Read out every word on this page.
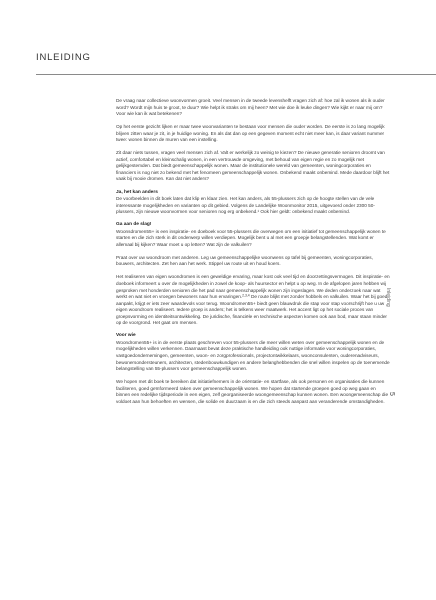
INLEIDING

De vraag naar collectieve woonvormen groeit. Veel mensen in de tweede levenshelft vragen zich af: hoe zal ik wonen als ik ouder word? Wordt mijn huis te groot, te duur? Wie helpt ik straks om mij heen? Met wie doe ik leuke dingen? Wie kijkt er naar mij om? Voor wie kan ik wat betekenen?

Op het eerste gezicht lijken er maar twee woonvarianten te bestaan voor mensen die ouder worden. De eerste is zo lang mogelijk blijven zitten waar je zit, in je huidige woning. En als dat dan op een gegeven moment echt niet meer kan, is daar variant nummer twee: wonen binnen de muren van een instelling.

Zit daar niets tussen, vragen veel mensen zich af. Valt er werkelijk zo weinig te kiezen? De nieuwe generatie senioren droomt van actief, comfortabel en kleinschalig wonen, in een vertrouwde omgeving, met behoud van eigen regie en zo mogelijk met gelijkgestemden. Dat biedt gemeenschappelijk wonen. Maar de institutionele wereld van gemeenten, woningcorporaties en financiers is nog niet zo bekend met het fenomeen gemeenschappelijk wonen. Onbekend maakt onbemind. Mede daardoor blijft het vaak bij mooie dromen. Kan dat niet anders?

Ja, het kan anders

De voorbeelden in dit boek laten dat klip en klaar zien. Het kan anders, als 55-plussers zich op de hoogte stellen van de vele interessante mogelijkheden en varianten op dit gebied. Volgens de Landelijke Woonmonitor 2015, uitgevoerd onder 2300 50-plussers, zijn nieuwe woonvormen voor senioren nog erg onbekend.¹ Ook hier geldt: onbekend maakt onbemind.

Ga aan de slag!

Woonsdromen55+ is een inspiratie- en doeboek voor 55-plussers die overwegen om een initiatief tot gemeenschappelijk wonen te starten en die zich sterk in dit onderwerp willen verdiepen. Mogelijk bent u al met een groepje belangstellenden. Wat komt er allemaal bij kijken? Waar moet u op letten? Wat zijn de valkuilen?

Praat over uw woondroom met anderen. Leg uw gemeenschappelijke woonwens op tafel bij gemeenten, woningcorporaties, bouwers, architecten. Zet hen aan het werk. Stippel uw route uit en houd koers.

Het realiseren van eigen woondromen is een geweldige ervaring, maar kost ook veel tijd en doorzettingsvermogen. Dit inspiratie- en doeboek informeert u over de mogelijkheden in zowel de koop- als huursector en helpt u op weg. In de afgelopen jaren hebben wij gesproken met honderden senioren die het pad naar gemeenschappelijk wonen zijn ingeslagen. We deden onderzoek naar wat werkt en wat niet en vroegen bewoners naar hun ervaringen.$^{2,3,4}$ De route blijkt met zonder hobbels en valkuilen. Waar het bij goed aanpakt, krijgt er iets zeer waardevols voor terug. Woondromen55+ biedt geen blauwdruk die stap voor stap voorschrijft hoe u uw eigen woondroom realiseert. Iedere groep is anders; het is telkens weer maatwerk. Het accent ligt op het sociale proces van groepsvorming en identiteitsontwikkeling. De juridische, financiële en technische aspecten komen ook aan bod, maar staan minder op de voorgrond. Het gaat om mensen.

Voor wie

Woondromen55+ is in de eerste plaats geschreven voor 55-plussers die meer willen weten over gemeenschappelijk wonen en de mogelijkheden willen verkennen. Daarnaast bevat deze praktische handleiding ook nuttige informatie voor woningcorporaties, vastgoedondernemingen, gemeenten, woon- en zorgprofessionals, projectontwikkelaars, woonconsulenten, ouderenadviseurs, bewonersondersteuners, architecten, stedenbouwkundigen en andere belanghebbenden die snel willen inspelen op de toenemende belangstelling van 55-plussers voor gemeenschappelijk wonen.

We hopen met dit boek te bereiken dat initiatiefnemers in de oriëntatie- en startfase, als ook personen en organisaties die kunnen faciliteren, goed geïnformeerd raken over gemeenschappelijk wonen. We hopen dat startende groepen goed op weg gaan en binnen een redelijke tijdsperiode in een eigen, zelf georganiseerde woongemeenschap kunnen wonen. Een woongemeenschap die voldoet aan hun behoeften en wensen, die solide en duurzaam is en die zich steeds aanpast aan veranderende omstandigheden.

Inleiding
5
